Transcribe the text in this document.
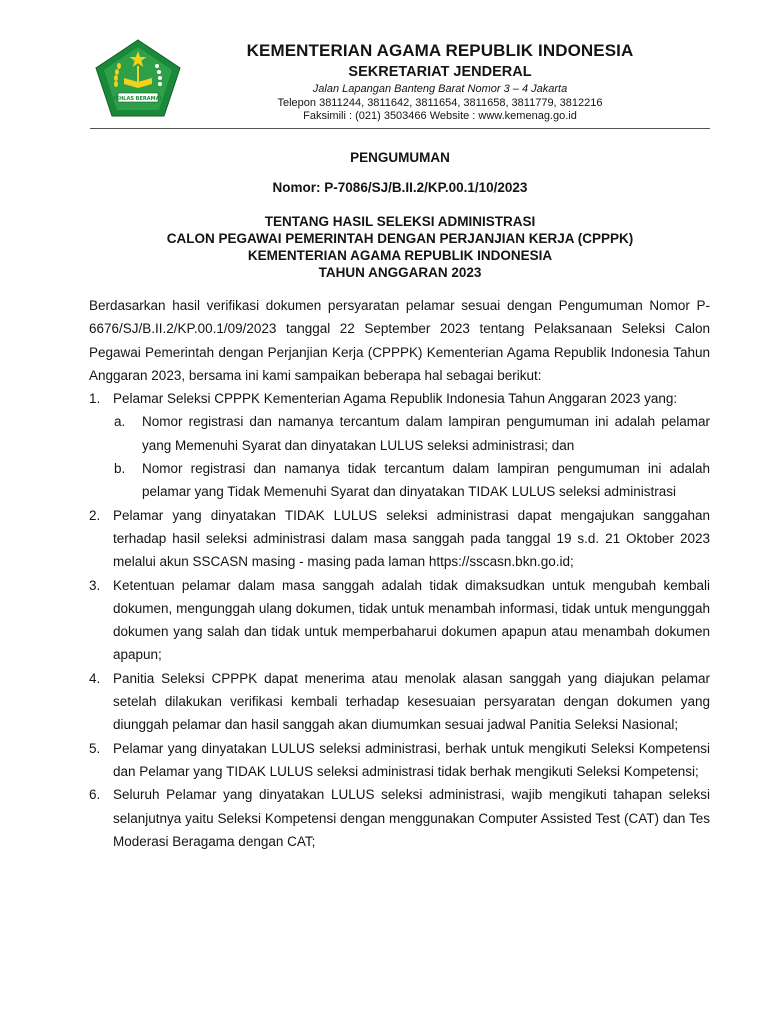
IKHLAS BERAMAL
KEMENTERIAN AGAMA REPUBLIK INDONESIA
SEKRETARIAT JENDERAL
Jalan Lapangan Banteng Barat Nomor 3 – 4 Jakarta
Telepon 3811244, 3811642, 3811654, 3811658, 3811779, 3812216
Faksimili : (021) 3503466 Website : www.kemenag.go.id
PENGUMUMAN
Nomor: P-7086/SJ/B.II.2/KP.00.1/10/2023
TENTANG HASIL SELEKSI ADMINISTRASI
CALON PEGAWAI PEMERINTAH DENGAN PERJANJIAN KERJA (CPPPK)
KEMENTERIAN AGAMA REPUBLIK INDONESIA
TAHUN ANGGARAN 2023

Berdasarkan hasil verifikasi dokumen persyaratan pelamar sesuai dengan Pengumuman Nomor P-6676/SJ/B.II.2/KP.00.1/09/2023 tanggal 22 September 2023 tentang Pelaksanaan Seleksi Calon Pegawai Pemerintah dengan Perjanjian Kerja (CPPPK) Kementerian Agama Republik Indonesia Tahun Anggaran 2023, bersama ini kami sampaikan beberapa hal sebagai berikut:

1. Pelamar Seleksi CPPPK Kementerian Agama Republik Indonesia Tahun Anggaran 2023 yang:
a. Nomor registrasi dan namanya tercantum dalam lampiran pengumuman ini adalah pelamar yang Memenuhi Syarat dan dinyatakan LULUS seleksi administrasi; dan
b. Nomor registrasi dan namanya tidak tercantum dalam lampiran pengumuman ini adalah pelamar yang Tidak Memenuhi Syarat dan dinyatakan TIDAK LULUS seleksi administrasi
2. Pelamar yang dinyatakan TIDAK LULUS seleksi administrasi dapat mengajukan sanggahan terhadap hasil seleksi administrasi dalam masa sanggah pada tanggal 19 s.d. 21 Oktober 2023 melalui akun SSCASN masing - masing pada laman https://sscasn.bkn.go.id;
3. Ketentuan pelamar dalam masa sanggah adalah tidak dimaksudkan untuk mengubah kembali dokumen, mengunggah ulang dokumen, tidak untuk menambah informasi, tidak untuk mengunggah dokumen yang salah dan tidak untuk memperbaharui dokumen apapun atau menambah dokumen apapun;
4. Panitia Seleksi CPPPK dapat menerima atau menolak alasan sanggah yang diajukan pelamar setelah dilakukan verifikasi kembali terhadap kesesuaian persyaratan dengan dokumen yang diunggah pelamar dan hasil sanggah akan diumumkan sesuai jadwal Panitia Seleksi Nasional;
5. Pelamar yang dinyatakan LULUS seleksi administrasi, berhak untuk mengikuti Seleksi Kompetensi dan Pelamar yang TIDAK LULUS seleksi administrasi tidak berhak mengikuti Seleksi Kompetensi;
6. Seluruh Pelamar yang dinyatakan LULUS seleksi administrasi, wajib mengikuti tahapan seleksi selanjutnya yaitu Seleksi Kompetensi dengan menggunakan Computer Assisted Test (CAT) dan Tes Moderasi Beragama dengan CAT;
